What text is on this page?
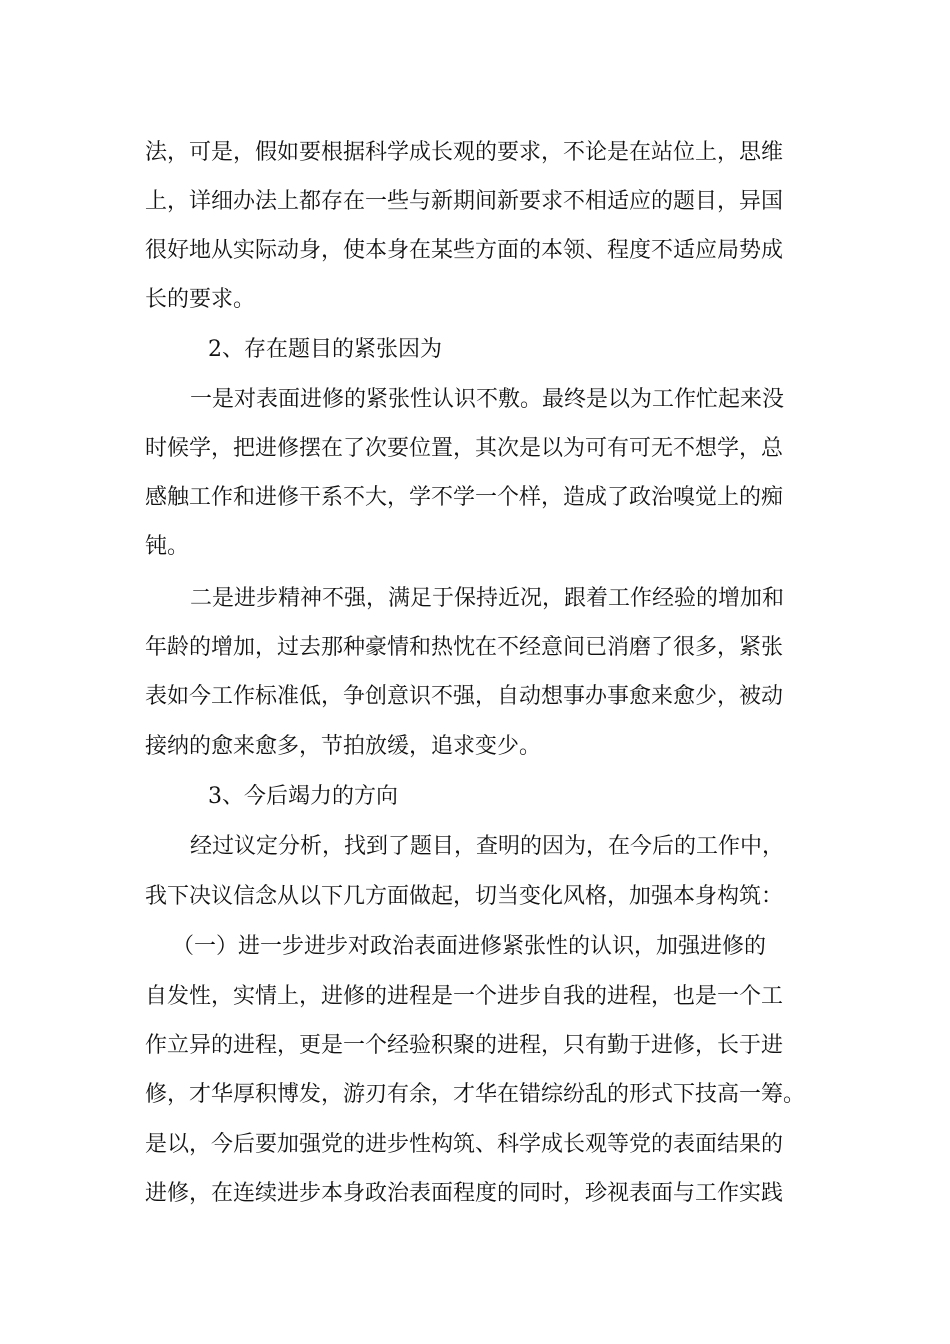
法，可是，假如要根据科学成长观的要求，不论是在站位上，思维

上，详细办法上都存在一些与新期间新要求不相适应的题目，异国

很好地从实际动身，使本身在某些方面的本领、程度不适应局势成

长的要求。

2、存在题目的紧张因为

一是对表面进修的紧张性认识不敷。最终是以为工作忙起来没

时候学，把进修摆在了次要位置，其次是以为可有可无不想学，总

感触工作和进修干系不大，学不学一个样，造成了政治嗅觉上的痴

钝。

二是进步精神不强，满足于保持近况，跟着工作经验的增加和

年龄的增加，过去那种豪情和热忱在不经意间已消磨了很多，紧张

表如今工作标准低，争创意识不强，自动想事办事愈来愈少，被动

接纳的愈来愈多，节拍放缓，追求变少。

3、今后竭力的方向

经过议定分析，找到了题目，查明的因为，在今后的工作中，

我下决议信念从以下几方面做起，切当变化风格，加强本身构筑：

（一）进一步进步对政治表面进修紧张性的认识，加强进修的

自发性，实情上，进修的进程是一个进步自我的进程，也是一个工

作立异的进程，更是一个经验积聚的进程，只有勤于进修，长于进

修，才华厚积博发，游刃有余，才华在错综纷乱的形式下技高一筹。

是以，今后要加强党的进步性构筑、科学成长观等党的表面结果的

进修，在连续进步本身政治表面程度的同时，珍视表面与工作实践
